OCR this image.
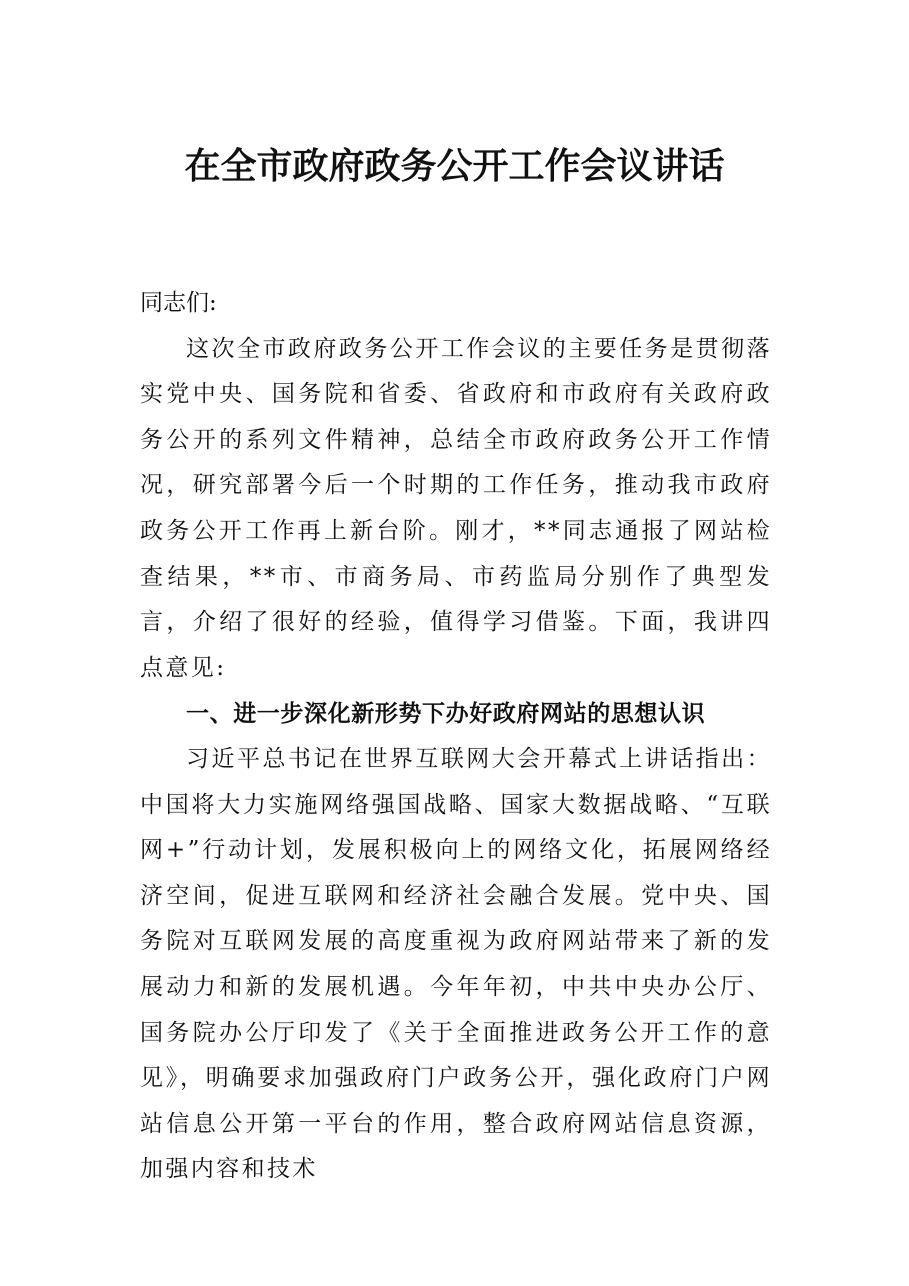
在全市政府政务公开工作会议讲话

同志们:

这次全市政府政务公开工作会议的主要任务是贯彻落实党中央、国务院和省委、省政府和市政府有关政府政务公开的系列文件精神，总结全市政府政务公开工作情况，研究部署今后一个时期的工作任务，推动我市政府政务公开工作再上新台阶。刚才，**同志通报了网站检查结果，**市、市商务局、市药监局分别作了典型发言，介绍了很好的经验，值得学习借鉴。下面，我讲四点意见:

一、进一步深化新形势下办好政府网站的思想认识

习近平总书记在世界互联网大会开幕式上讲话指出：中国将大力实施网络强国战略、国家大数据战略、“互联网+”行动计划，发展积极向上的网络文化，拓展网络经济空间，促进互联网和经济社会融合发展。党中央、国务院对互联网发展的高度重视为政府网站带来了新的发展动力和新的发展机遇。今年年初，中共中央办公厅、国务院办公厅印发了《关于全面推进政务公开工作的意见》，明确要求加强政府门户政务公开，强化政府门户网站信息公开第一平台的作用，整合政府网站信息资源，加强内容和技术
